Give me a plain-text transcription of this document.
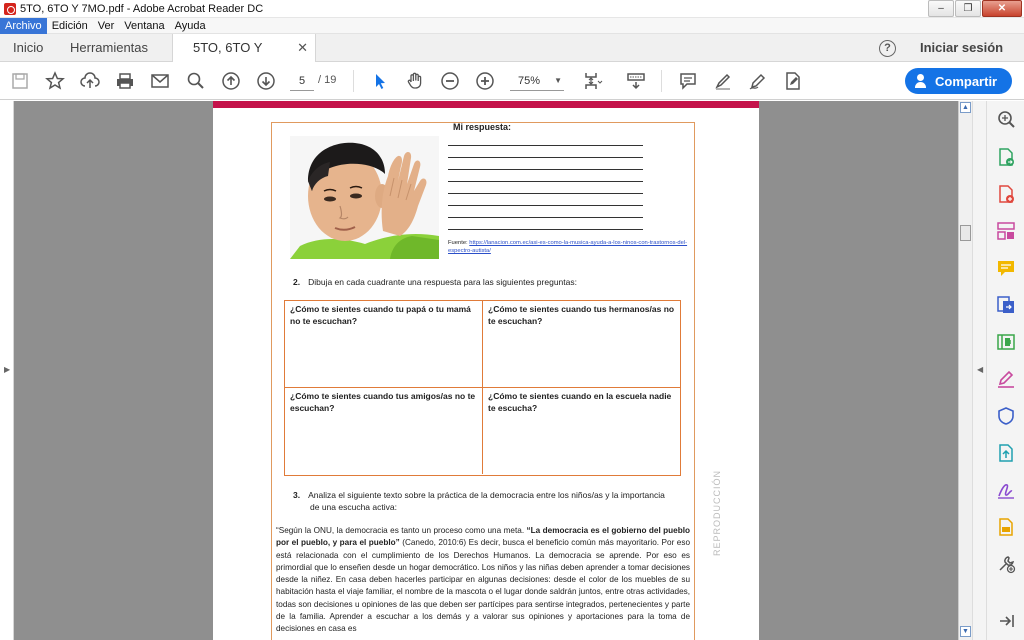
5TO, 6TO Y 7MO.pdf - Adobe Acrobat Reader DC	–	❐	✕
Archivo Edición Ver Ventana Ayuda
Inicio Herramientas	5TO, 6TO Y	✕	?	Iniciar sesión
5
/ 19	75% ▼	Compartir
▶
Mi respuesta:
Fuente: https://lanacion.com.ec/asi-es-como-la-musica-ayuda-a-los-ninos-con-trastornos-del-espectro-autista/
2. Dibuja en cada cuadrante una respuesta para las siguientes preguntas:
¿Cómo te sientes cuando tu papá o tu mamá no te escuchan?
¿Cómo te sientes cuando tus hermanos/as no te escuchan?
¿Cómo te sientes cuando tus amigos/as no te escuchan?
¿Cómo te sientes cuando en la escuela nadie te escucha?
3. Analiza el siguiente texto sobre la práctica de la democracia entre los niños/as y la importancia
de una escucha activa:
“Según la ONU, la democracia es tanto un proceso como una meta. “La democracia es el gobierno del pueblo por el pueblo, y para el pueblo” (Canedo, 2010:6) Es decir, busca el beneficio común más mayoritario. Por eso está relacionada con el cumplimiento de los Derechos Humanos. La democracia se aprende. Por eso es primordial que lo enseñen desde un hogar democrático. Los niños y las niñas deben aprender a tomar decisiones desde la niñez. En casa deben hacerles participar en algunas decisiones: desde el color de los muebles de su habitación hasta el viaje familiar, el nombre de la mascota o el lugar donde saldrán juntos, entre otras actividades, todas son decisiones u opiniones de las que deben ser partícipes para sentirse integrados, pertenecientes y parte de la familia. Aprender a escuchar a los demás y a valorar sus opiniones y aportaciones para la toma de decisiones en casa es
REPRODUCCIÓN
▲
▼
◀
